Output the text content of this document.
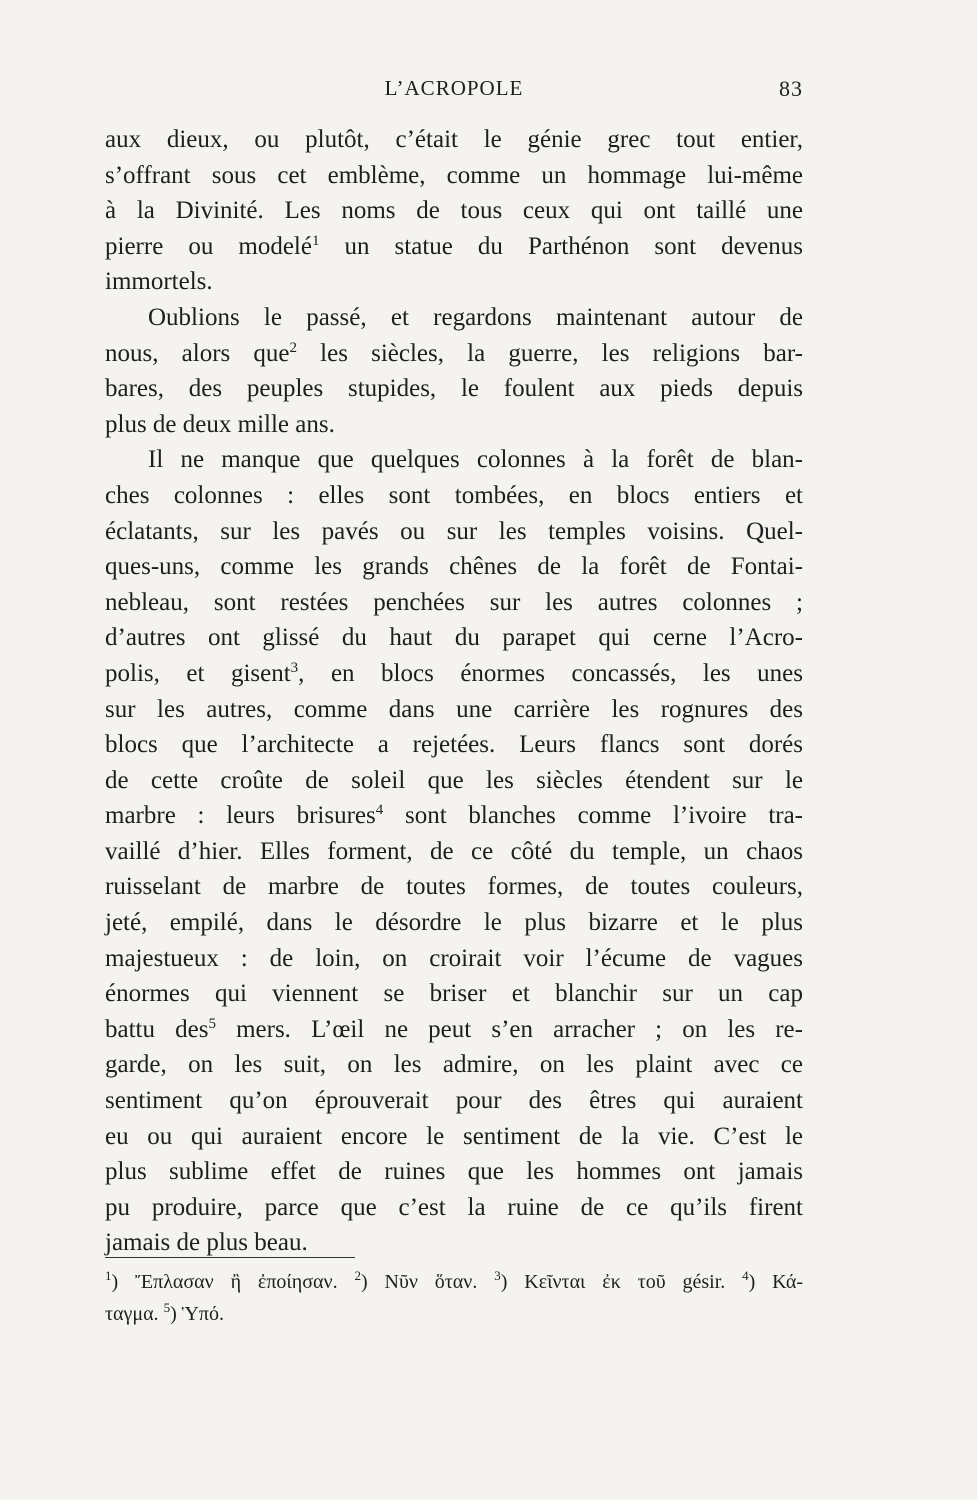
L’ACROPOLE	83
aux dieux, ou plutôt, c’était le génie grec tout entier,
s’offrant sous cet emblème, comme un hommage lui-même
à la Divinité. Les noms de tous ceux qui ont taillé une
pierre ou modelé$^1$ un statue du Parthénon sont devenus
immortels.
Oublions le passé, et regardons maintenant autour de
nous, alors que$^2$ les siècles, la guerre, les religions bar-
bares, des peuples stupides, le foulent aux pieds depuis
plus de deux mille ans.
Il ne manque que quelques colonnes à la forêt de blan-
ches colonnes : elles sont tombées, en blocs entiers et
éclatants, sur les pavés ou sur les temples voisins. Quel-
ques-uns, comme les grands chênes de la forêt de Fontai-
nebleau, sont restées penchées sur les autres colonnes ;
d’autres ont glissé du haut du parapet qui cerne l’Acro-
polis, et gisent$^3$, en blocs énormes concassés, les unes
sur les autres, comme dans une carrière les rognures des
blocs que l’architecte a rejetées. Leurs flancs sont dorés
de cette croûte de soleil que les siècles étendent sur le
marbre : leurs brisures$^4$ sont blanches comme l’ivoire tra-
vaillé d’hier. Elles forment, de ce côté du temple, un chaos
ruisselant de marbre de toutes formes, de toutes couleurs,
jeté, empilé, dans le désordre le plus bizarre et le plus
majestueux : de loin, on croirait voir l’écume de vagues
énormes qui viennent se briser et blanchir sur un cap
battu des$^5$ mers. L’œil ne peut s’en arracher ; on les re-
garde, on les suit, on les admire, on les plaint avec ce
sentiment qu’on éprouverait pour des êtres qui auraient
eu ou qui auraient encore le sentiment de la vie. C’est le
plus sublime effet de ruines que les hommes ont jamais
pu produire, parce que c’est la ruine de ce qu’ils firent
jamais de plus beau.
$^1$) Ἔπλασαν ἢ ἐποίησαν. $^2$) Νῦν ὅταν. $^3$) Κεῖνται ἐκ τοῦ gésir. $^4$) Κά-
ταγμα. $^5$) Ὑπό.
